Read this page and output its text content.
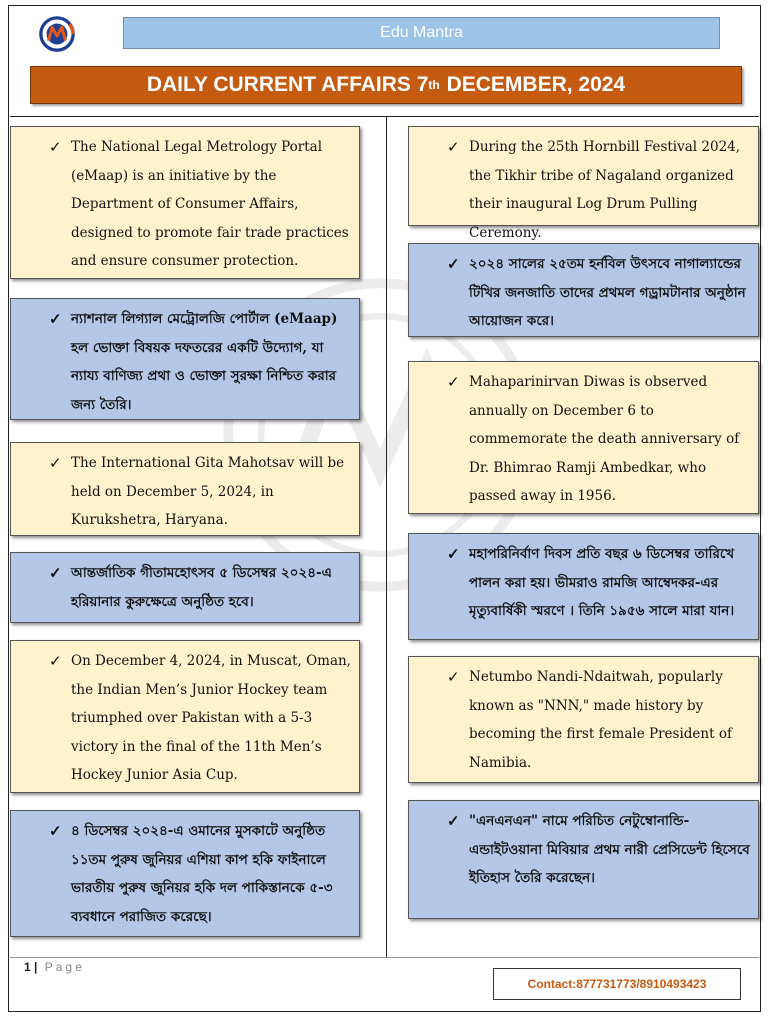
Edu Mantra
DAILY CURRENT AFFAIRS 7 th DECEMBER, 2024
✓ The National Legal Metrology Portal (eMaap) is an initiative by the Department of Consumer Affairs, designed to promote fair trade practices and ensure consumer protection.
✓ ন্যাশনাল লিগ্যাল মেট্রোলজি পোর্টাল (eMaap) হল ভোক্তা বিষয়ক দফতরের একটি উদ্যোগ, যা ন্যায্য বাণিজ্য প্রথা ও ভোক্তা সুরক্ষা নিশ্চিত করার জন্য তৈরি।
✓ The International Gita Mahotsav will be held on December 5, 2024, in Kurukshetra, Haryana.
✓ আন্তর্জাতিক গীতামহোৎসব ৫ ডিসেম্বর ২০২৪-এ হরিয়ানার কুরুক্ষেত্রে অনুষ্ঠিত হবে।
✓ On December 4, 2024, in Muscat, Oman, the Indian Men’s Junior Hockey team triumphed over Pakistan with a 5-3 victory in the final of the 11th Men’s Hockey Junior Asia Cup.
✓ ৪ ডিসেম্বর ২০২৪-এ ওমানের মুসকাটে অনুষ্ঠিত ১১তম পুরুষ জুনিয়র এশিয়া কাপ হকি ফাইনালে ভারতীয় পুরুষ জুনিয়র হকি দল পাকিস্তানকে ৫-৩ ব্যবধানে পরাজিত করেছে।
✓ During the 25th Hornbill Festival 2024, the Tikhir tribe of Nagaland organized their inaugural Log Drum Pulling Ceremony.
✓ ২০২৪ সালের ২৫তম হর্নবিল উৎসবে নাগাল্যান্ডের টিখির জনজাতি তাদের প্রথমল গড্রামটানার অনুষ্ঠান আয়োজন করে।
✓ Mahaparinirvan Diwas is observed annually on December 6 to commemorate the death anniversary of Dr. Bhimrao Ramji Ambedkar, who passed away in 1956.
✓ মহাপরিনির্বাণ দিবস প্রতি বছর ৬ ডিসেম্বর তারিখে পালন করা হয়। ভীমরাও রামজি আম্বেদকর-এর মৃত্যুবার্ষিকী স্মরণে । তিনি ১৯৫৬ সালে মারা যান।
✓ Netumbo Nandi-Ndaitwah, popularly known as "NNN," made history by becoming the first female President of Namibia.
✓ "এনএনএন" নামে পরিচিত নেটুম্বোনান্ডি-এন্ডাইটওয়ানা মিবিয়ার প্রথম নারী প্রেসিডেন্ট হিসেবে ইতিহাস তৈরি করেছেন।
1 | Page
Contact:877731773/8910493423
